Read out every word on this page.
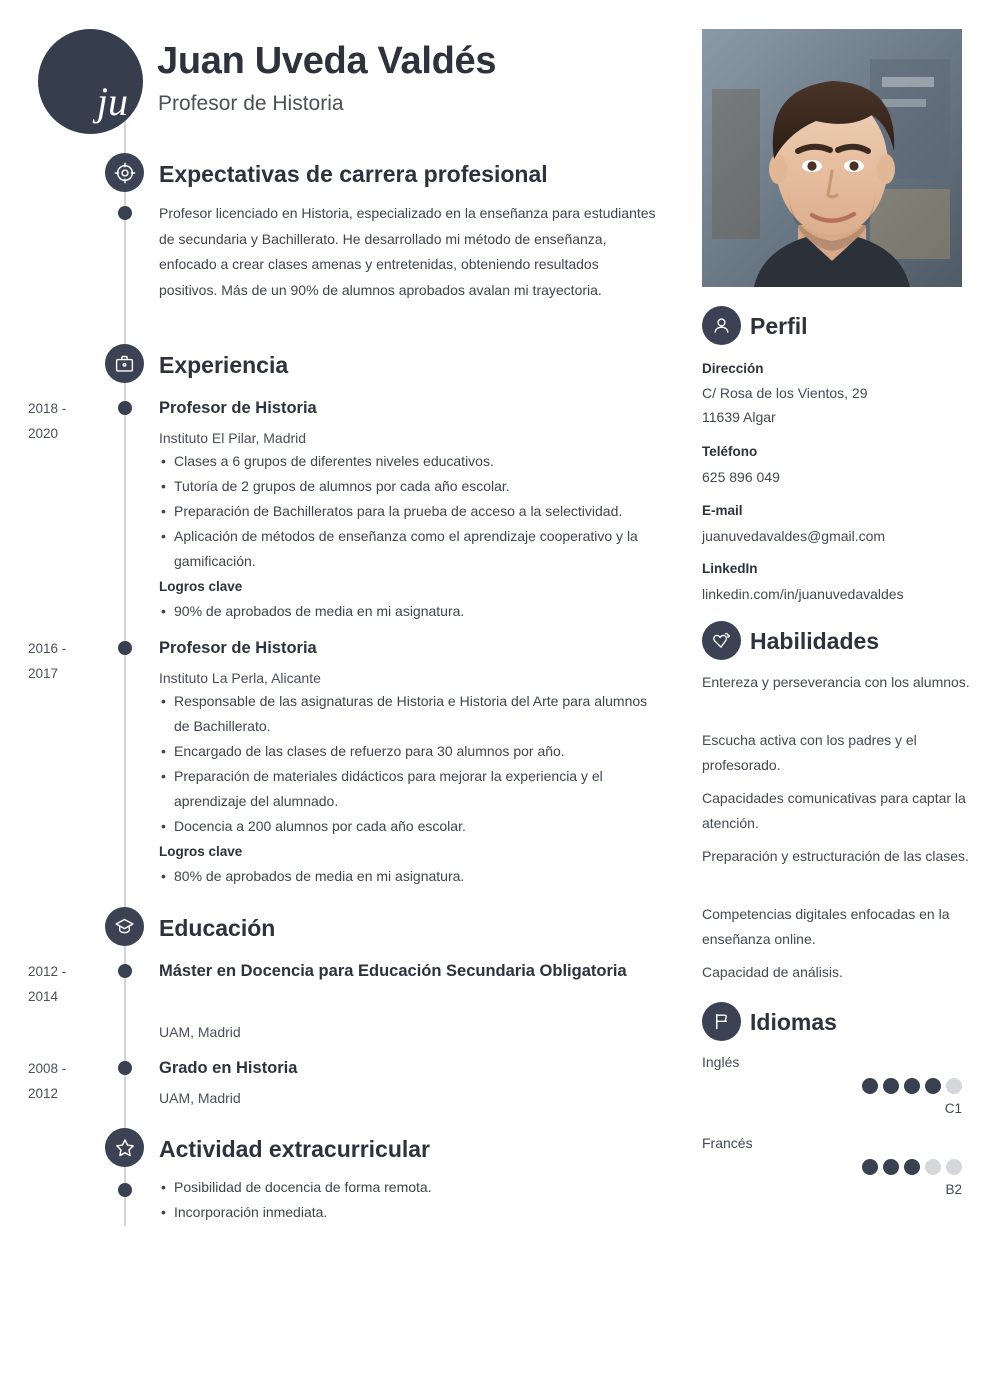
ju
Juan Uveda Valdés
Profesor de Historia
Expectativas de carrera profesional
Profesor licenciado en Historia, especializado en la enseñanza para estudiantes de secundaria y Bachillerato. He desarrollado mi método de enseñanza, enfocado a crear clases amenas y entretenidas, obteniendo resultados positivos. Más de un 90% de alumnos aprobados avalan mi trayectoria.
Experiencia
2018 -
2020
Profesor de Historia
Instituto El Pilar, Madrid
• Clases a 6 grupos de diferentes niveles educativos.
• Tutoría de 2 grupos de alumnos por cada año escolar.
• Preparación de Bachilleratos para la prueba de acceso a la selectividad.
• Aplicación de métodos de enseñanza como el aprendizaje cooperativo y la gamificación.
Logros clave
• 90% de aprobados de media en mi asignatura.
2016 -
2017
Profesor de Historia
Instituto La Perla, Alicante
• Responsable de las asignaturas de Historia e Historia del Arte para alumnos de Bachillerato.
• Encargado de las clases de refuerzo para 30 alumnos por año.
• Preparación de materiales didácticos para mejorar la experiencia y el aprendizaje del alumnado.
• Docencia a 200 alumnos por cada año escolar.
Logros clave
• 80% de aprobados de media en mi asignatura.
Educación
2012 -
2014
Máster en Docencia para Educación Secundaria Obligatoria
UAM, Madrid
2008 -
2012
Grado en Historia
UAM, Madrid
Actividad extracurricular
• Posibilidad de docencia de forma remota.
• Incorporación inmediata.
Perfil
Dirección
C/ Rosa de los Vientos, 29
11639 Algar
Teléfono
625 896 049
E-mail
juanuvedavaldes@gmail.com
LinkedIn
linkedin.com/in/juanuvedavaldes
Habilidades
Entereza y perseverancia con los alumnos.
Escucha activa con los padres y el profesorado.
Capacidades comunicativas para captar la atención.
Preparación y estructuración de las clases.
Competencias digitales enfocadas en la enseñanza online.
Capacidad de análisis.
Idiomas
Inglés
C1
Francés
B2
